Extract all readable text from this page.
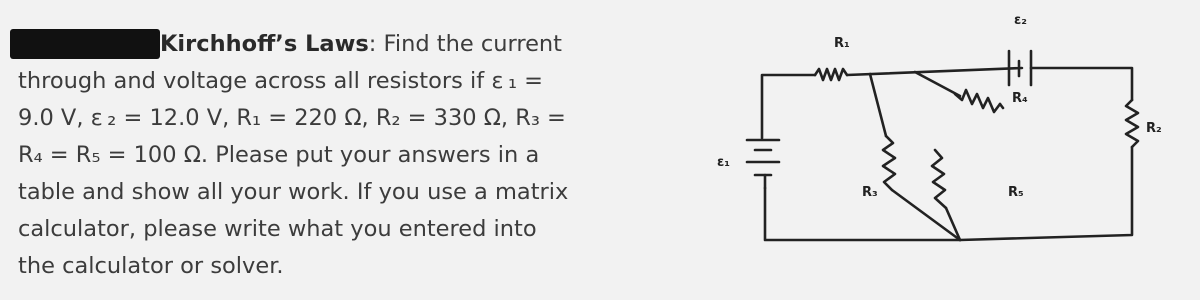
Kirchhoff’s Laws: Find the current
through and voltage across all resistors if ε ₁ =
9.0 V, ε ₂ = 12.0 V, R₁ = 220 Ω, R₂ = 330 Ω, R₃ =
R₄ = R₅ = 100 Ω. Please put your answers in a
table and show all your work. If you use a matrix
calculator, please write what you entered into
the calculator or solver.
R₁
ε₂
R₄
R₂
ε₁
R₃	R₅
